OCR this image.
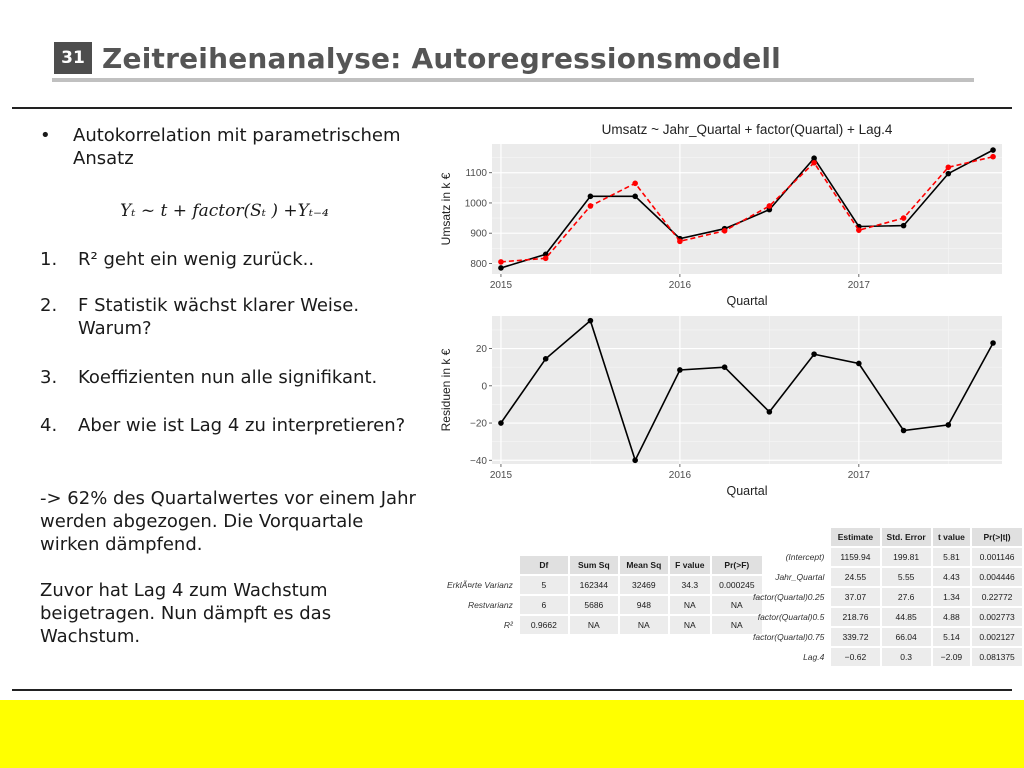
31 Zeitreihenanalyse: Autoregressionsmodell
• Autokorrelation mit parametrischem Ansatz
Yₜ ~ t + factor(Sₜ ) +Yₜ₋₄
1. R² geht ein wenig zurück..
2. F Statistik wächst klarer Weise. Warum?
3. Koeffizienten nun alle signifikant.
4. Aber wie ist Lag 4 zu interpretieren?
-> 62% des Quartalwertes vor einem Jahr werden abgezogen. Die Vorquartale wirken dämpfend.
Zuvor hat Lag 4 zum Wachstum beigetragen. Nun dämpft es das Wachstum.
800
900
1000
1100
2015	2016	2017
Quartal
Umsatz in k €
Umsatz ~ Jahr_Quartal + factor(Quartal) + Lag.4
−40
−20
0
20
2015	2016	2017
Quartal
Residuen in k €
	Df	Sum Sq	Mean Sq	F value	Pr(>F)
ErklÃ¤rte Varianz	5	162344	32469	34.3	0.000245
Restvarianz	6	5686	948	NA	NA
R²	0.9662	NA	NA	NA	NA
	Estimate	Std. Error	t value	Pr(>|t|)
(Intercept)	1159.94	199.81	5.81	0.001146
Jahr_Quartal	24.55	5.55	4.43	0.004446
factor(Quartal)0.25	37.07	27.6	1.34	0.22772
factor(Quartal)0.5	218.76	44.85	4.88	0.002773
factor(Quartal)0.75	339.72	66.04	5.14	0.002127
Lag.4	−0.62	0.3	−2.09	0.081375
